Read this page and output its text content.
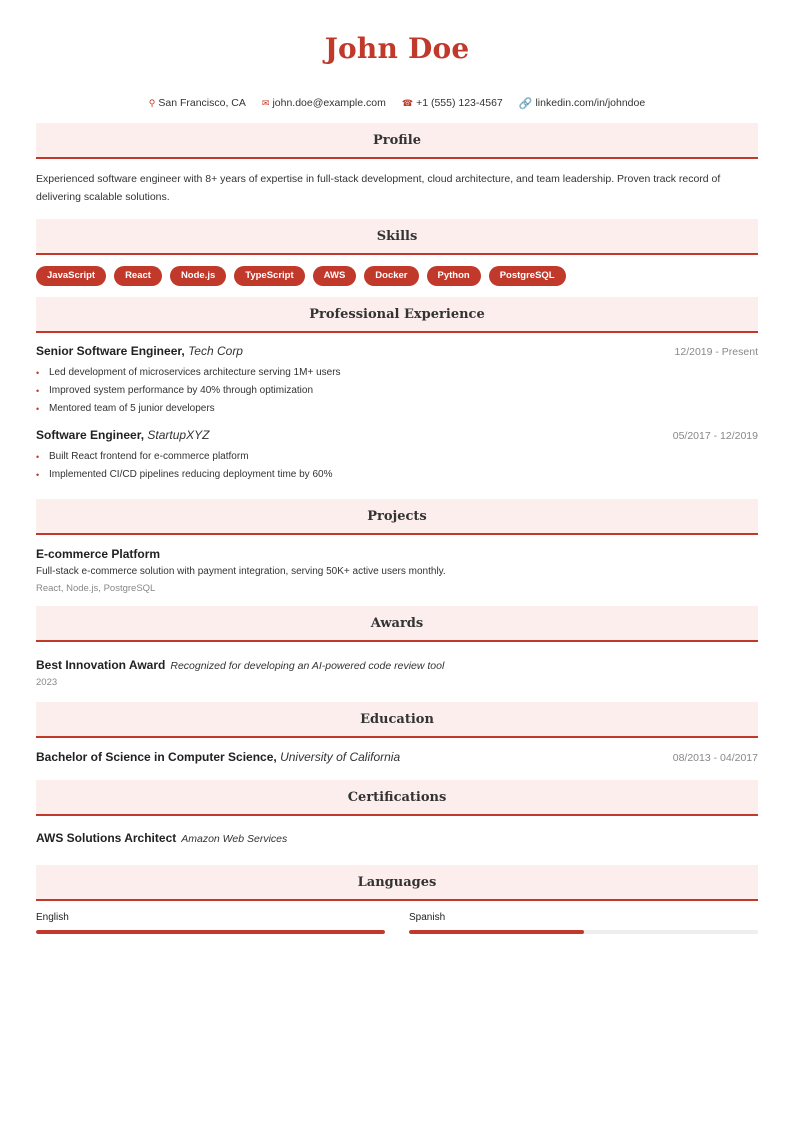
John Doe
⚲ San Francisco, CA ✉ john.doe@example.com ☎ +1 (555) 123-4567 🔗 linkedin.com/in/johndoe
Profile
Experienced software engineer with 8+ years of expertise in full-stack development, cloud architecture, and team leadership. Proven track record of delivering scalable solutions.
Skills
JavaScript	React	Node.js	TypeScript	AWS	Docker	Python	PostgreSQL
Professional Experience
Senior Software Engineer, Tech Corp	12/2019 - Present
• Led development of microservices architecture serving 1M+ users
• Improved system performance by 40% through optimization
• Mentored team of 5 junior developers
Software Engineer, StartupXYZ	05/2017 - 12/2019
• Built React frontend for e-commerce platform
• Implemented CI/CD pipelines reducing deployment time by 60%
Projects
E-commerce Platform
Full-stack e-commerce solution with payment integration, serving 50K+ active users monthly.
React, Node.js, PostgreSQL
Awards
Best Innovation Award Recognized for developing an AI-powered code review tool
2023
Education
Bachelor of Science in Computer Science, University of California	08/2013 - 04/2017
Certifications
AWS Solutions Architect Amazon Web Services
Languages
English	Spanish
